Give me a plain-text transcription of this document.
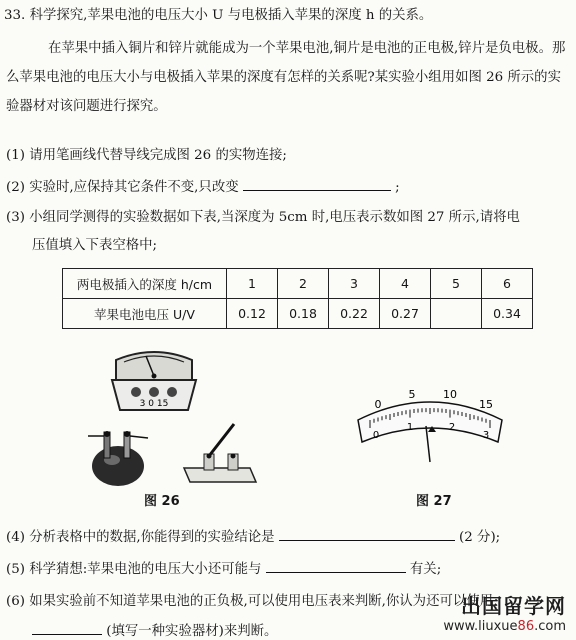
33. 科学探究,苹果电池的电压大小 U 与电极插入苹果的深度 h 的关系。
在苹果中插入铜片和锌片就能成为一个苹果电池,铜片是电池的正电极,锌片是负电极。那么苹果电池的电压大小与电极插入苹果的深度有怎样的关系呢?某实验小组用如图 26 所示的实验器材对该问题进行探究。
(1) 请用笔画线代替导线完成图 26 的实物连接;
(2) 实验时,应保持其它条件不变,只改变	;
(3) 小组同学测得的实验数据如下表,当深度为 5cm 时,电压表示数如图 27 所示,请将电
压值填入下表空格中;
两电极插入的深度 h/cm	1	2	3	4	5	6
苹果电池电压 U/V	0.12	0.18	0.22	0.27		0.34
3 0 15
图 26
0
5	10
15
0
1	2
3
图 27
(4) 分析表格中的数据,你能得到的实验结论是	(2 分);
(5) 科学猜想:苹果电池的电压大小还可能与	有关;
(6) 如果实验前不知道苹果电池的正负极,可以使用电压表来判断,你认为还可以使用
(填写一种实验器材)来判断。
出国留学网
www.liuxue86.com
